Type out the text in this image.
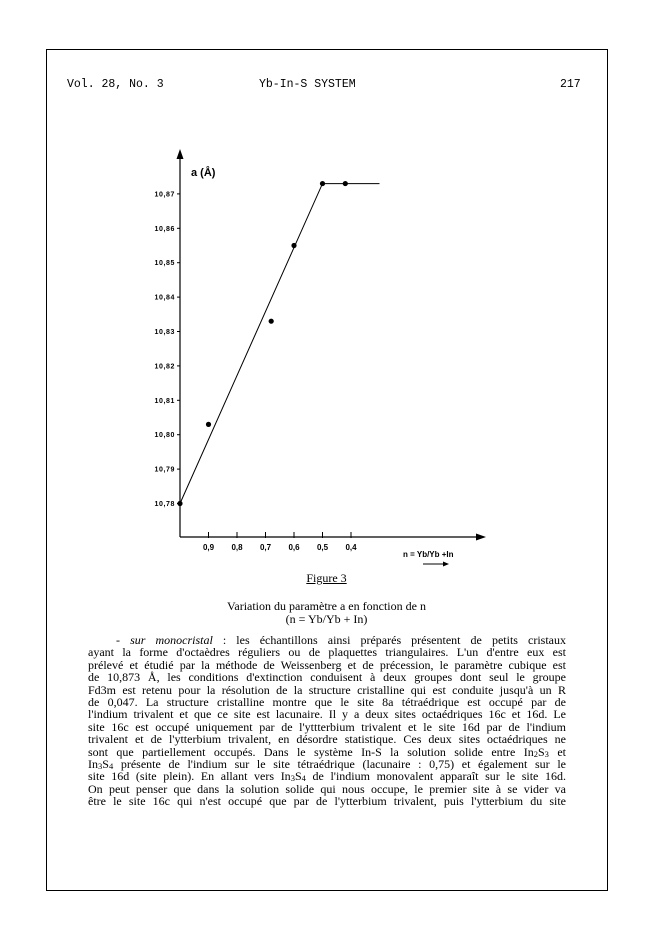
Vol. 28, No. 3	Yb-In-S SYSTEM	217
10,78
10,79
10,80
10,81
10,82
10,83
10,84
10,85
10,86
10,87
0,9 0,8 0,7 0,6 0,5 0,4
a (Å)
n = Yb/Yb +In
Figure 3
Variation du paramètre a en fonction de n
(n = Yb/Yb + In)
- sur monocristal : les échantillons ainsi préparés présentent de petits cristaux
ayant la forme d'octaèdres réguliers ou de plaquettes triangulaires. L'un d'entre eux est
prélevé et étudié par la méthode de Weissenberg et de précession, le paramètre cubique est
de 10,873 Å, les conditions d'extinction conduisent à deux groupes dont seul le groupe
Fd3m est retenu pour la résolution de la structure cristalline qui est conduite jusqu'à un R
de 0,047. La structure cristalline montre que le site 8a tétraédrique est occupé par de
l'indium trivalent et que ce site est lacunaire. Il y a deux sites octaédriques 16c et 16d. Le
site 16c est occupé uniquement par de l'yttterbium trivalent et le site 16d par de l'indium
trivalent et de l'ytterbium trivalent, en désordre statistique. Ces deux sites octaédriques ne
sont que partiellement occupés. Dans le système In-S la solution solide entre $In_2S_3$ et
$In_3S_4$ présente de l'indium sur le site tétraédrique (lacunaire : 0,75) et également sur le
site 16d (site plein). En allant vers $In_3S_4$ de l'indium monovalent apparaît sur le site 16d.
On peut penser que dans la solution solide qui nous occupe, le premier site à se vider va
être le site 16c qui n'est occupé que par de l'ytterbium trivalent, puis l'ytterbium du site
